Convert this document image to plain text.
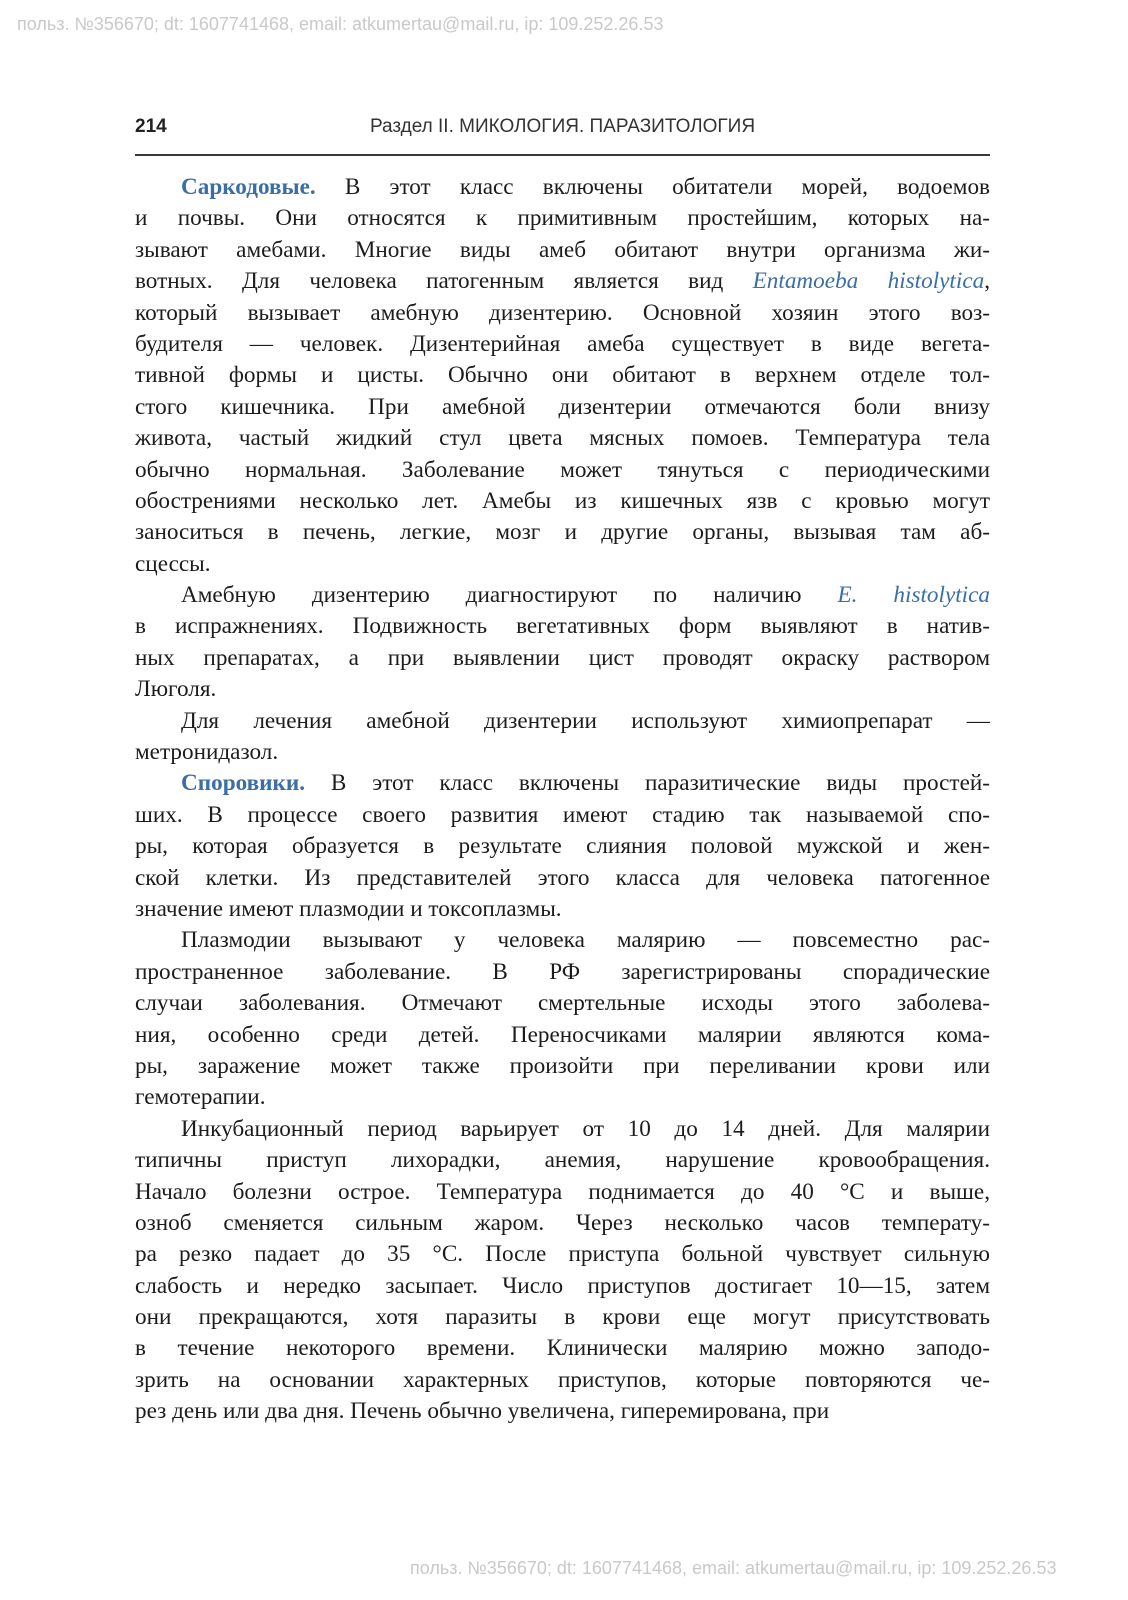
польз. №356670; dt: 1607741468, email: atkumertau@mail.ru, ip: 109.252.26.53
214	Раздел II. МИКОЛОГИЯ. ПАРАЗИТОЛОГИЯ
Саркодовые. В этот класс включены обитатели морей, водоемов
и почвы. Они относятся к примитивным простейшим, которых на-
зывают амебами. Многие виды амеб обитают внутри организма жи-
вотных. Для человека патогенным является вид Entamoeba histolytica,
который вызывает амебную дизентерию. Основной хозяин этого воз-
будителя — человек. Дизентерийная амеба существует в виде вегета-
тивной формы и цисты. Обычно они обитают в верхнем отделе тол-
стого кишечника. При амебной дизентерии отмечаются боли внизу
живота, частый жидкий стул цвета мясных помоев. Температура тела
обычно нормальная. Заболевание может тянуться с периодическими
обострениями несколько лет. Амебы из кишечных язв с кровью могут
заноситься в печень, легкие, мозг и другие органы, вызывая там аб-
сцессы.
Амебную дизентерию диагностируют по наличию E. histolytica
в испражнениях. Подвижность вегетативных форм выявляют в натив-
ных препаратах, а при выявлении цист проводят окраску раствором
Люголя.
Для лечения амебной дизентерии используют химиопрепарат —
метронидазол.
Споровики. В этот класс включены паразитические виды простей-
ших. В процессе своего развития имеют стадию так называемой спо-
ры, которая образуется в результате слияния половой мужской и жен-
ской клетки. Из представителей этого класса для человека патогенное
значение имеют плазмодии и токсоплазмы.
Плазмодии вызывают у человека малярию — повсеместно рас-
пространенное заболевание. В РФ зарегистрированы спорадические
случаи заболевания. Отмечают смертельные исходы этого заболева-
ния, особенно среди детей. Переносчиками малярии являются кома-
ры, заражение может также произойти при переливании крови или
гемотерапии.
Инкубационный период варьирует от 10 до 14 дней. Для малярии
типичны приступ лихорадки, анемия, нарушение кровообращения.
Начало болезни острое. Температура поднимается до 40 °С и выше,
озноб сменяется сильным жаром. Через несколько часов температу-
ра резко падает до 35 °С. После приступа больной чувствует сильную
слабость и нередко засыпает. Число приступов достигает 10—15, затем
они прекращаются, хотя паразиты в крови еще могут присутствовать
в течение некоторого времени. Клинически малярию можно заподо-
зрить на основании характерных приступов, которые повторяются че-
рез день или два дня. Печень обычно увеличена, гиперемирована, при
польз. №356670; dt: 1607741468, email: atkumertau@mail.ru, ip: 109.252.26.53
